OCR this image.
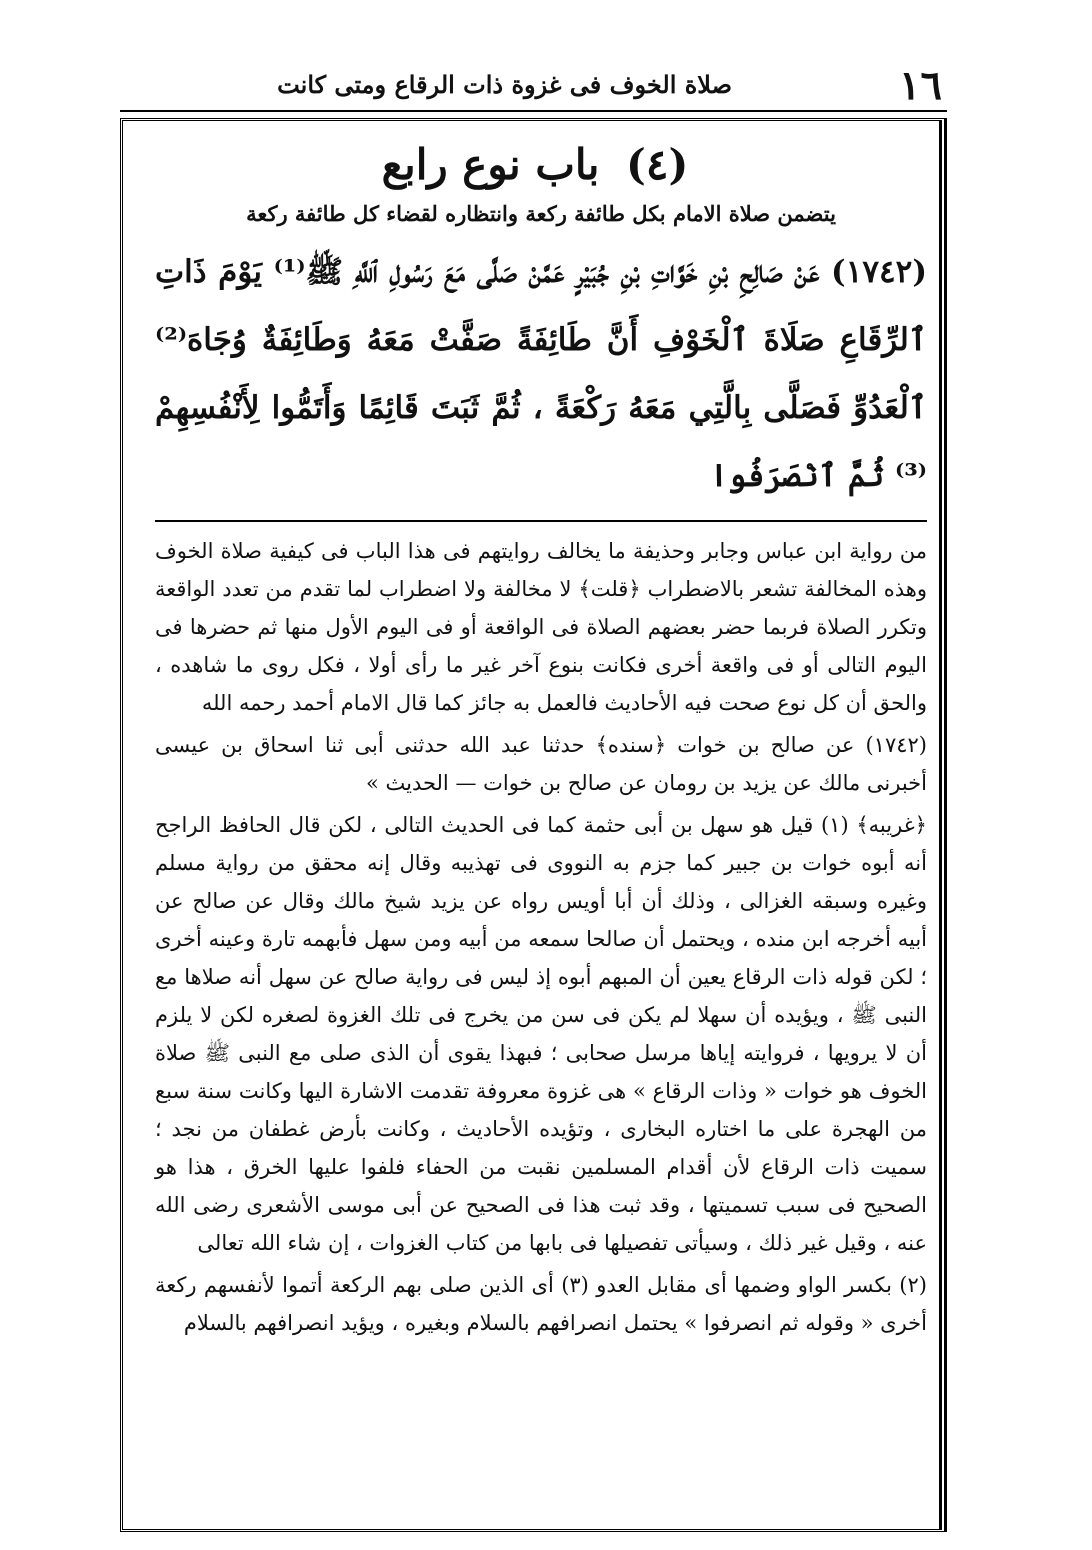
١٦
صلاة الخوف فى غزوة ذات الرقاع ومتى كانت
(٤) باب نوع رابع
يتضمن صلاة الامام بكل طائفة ركعة وانتظاره لقضاء كل طائفة ركعة
(١٧٤٢) عَنْ صَالِحِ بْنِ خَوَّاتِ بْنِ جُبَيْرٍ عَمَّنْ صَلَّى مَعَ رَسُولِ ٱللَّهِ ﷺ⁽¹⁾ يَوْمَ ذَاتِ ٱلرِّقَاعِ صَلَاةَ ٱلْخَوْفِ أَنَّ طَائِفَةً صَفَّتْ مَعَهُ وَطَائِفَةٌ وُجَاهَ⁽²⁾ ٱلْعَدُوِّ فَصَلَّى بِالَّتِي مَعَهُ رَكْعَةً ، ثُمَّ ثَبَتَ قَائِمًا وَأَتَمُّوا لِأَنْفُسِهِمْ ⁽³⁾ ثُمَّ ٱنْصَرَفُوا

من رواية ابن عباس وجابر وحذيفة ما يخالف روايتهم فى هذا الباب فى كيفية صلاة الخوف وهذه المخالفة تشعر بالاضطراب ﴿قلت﴾ لا مخالفة ولا اضطراب لما تقدم من تعدد الواقعة وتكرر الصلاة فربما حضر بعضهم الصلاة فى الواقعة أو فى اليوم الأول منها ثم حضرها فى اليوم التالى أو فى واقعة أخرى فكانت بنوع آخر غير ما رأى أولا ، فكل روى ما شاهده ، والحق أن كل نوع صحت فيه الأحاديث فالعمل به جائز كما قال الامام أحمد رحمه الله

(١٧٤٢) عن صالح بن خوات ﴿سنده﴾ حدثنا عبد الله حدثنى أبى ثنا اسحاق بن عيسى أخبرنى مالك عن يزيد بن رومان عن صالح بن خوات — الحديث »

﴿غريبه﴾ (١) قيل هو سهل بن أبى حثمة كما فى الحديث التالى ، لكن قال الحافظ الراجح أنه أبوه خوات بن جبير كما جزم به النووى فى تهذيبه وقال إنه محقق من رواية مسلم وغيره وسبقه الغزالى ، وذلك أن أبا أويس رواه عن يزيد شيخ مالك وقال عن صالح عن أبيه أخرجه ابن منده ، ويحتمل أن صالحا سمعه من أبيه ومن سهل فأبهمه تارة وعينه أخرى ؛ لكن قوله ذات الرقاع يعين أن المبهم أبوه إذ ليس فى رواية صالح عن سهل أنه صلاها مع النبى ﷺ ، ويؤيده أن سهلا لم يكن فى سن من يخرج فى تلك الغزوة لصغره لكن لا يلزم أن لا يرويها ، فروايته إياها مرسل صحابى ؛ فبهذا يقوى أن الذى صلى مع النبى ﷺ صلاة الخوف هو خوات « وذات الرقاع » هى غزوة معروفة تقدمت الاشارة اليها وكانت سنة سبع من الهجرة على ما اختاره البخارى ، وتؤيده الأحاديث ، وكانت بأرض غطفان من نجد ؛ سميت ذات الرقاع لأن أقدام المسلمين نقبت من الحفاء فلفوا عليها الخرق ، هذا هو الصحيح فى سبب تسميتها ، وقد ثبت هذا فى الصحيح عن أبى موسى الأشعرى رضى الله عنه ، وقيل غير ذلك ، وسيأتى تفصيلها فى بابها من كتاب الغزوات ، إن شاء الله تعالى

(٢) بكسر الواو وضمها أى مقابل العدو (٣) أى الذين صلى بهم الركعة أتموا لأنفسهم ركعة أخرى « وقوله ثم انصرفوا » يحتمل انصرافهم بالسلام وبغيره ، ويؤيد انصرافهم بالسلام
